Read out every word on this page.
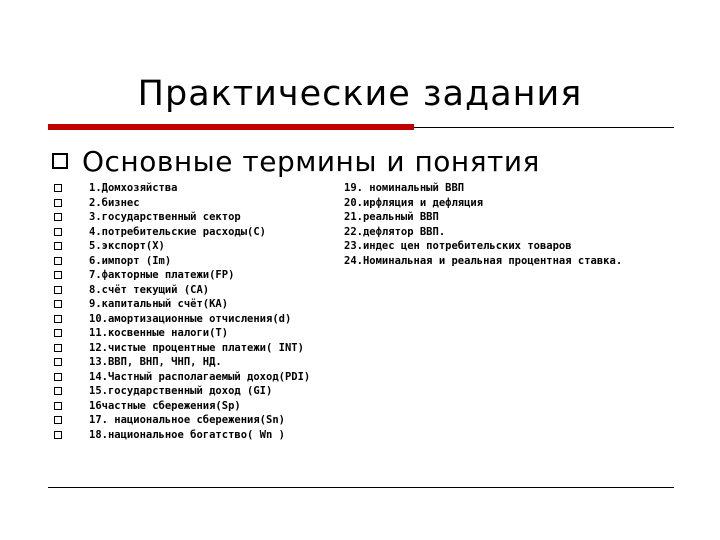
Практические задания
Основные термины и понятия
1.Домхозяйства
2.бизнес
3.государственный сектор
4.потребительские расходы(С)
5.экспорт(Х)
6.импорт (Im)
7.факторные платежи(FP)
8.счёт текущий (СА)
9.капитальный счёт(КА)
10.амортизационные отчисления(d)
11.косвенные налоги(Т)
12.чистые процентные платежи( INT)
13.ВВП, ВНП, ЧНП, НД.
14.Частный располагаемый доход(PDI)
15.государственный доход (GI)
16частные сбережения(Sp)
17. национальное сбережения(Sn)
18.национальное богатство( Wn )
19. номинальный ВВП
20.ирфляция и дефляция
21.реальный ВВП
22.дефлятор ВВП.
23.индес цен потребительских товаров
24.Номинальная и реальная процентная ставка.
